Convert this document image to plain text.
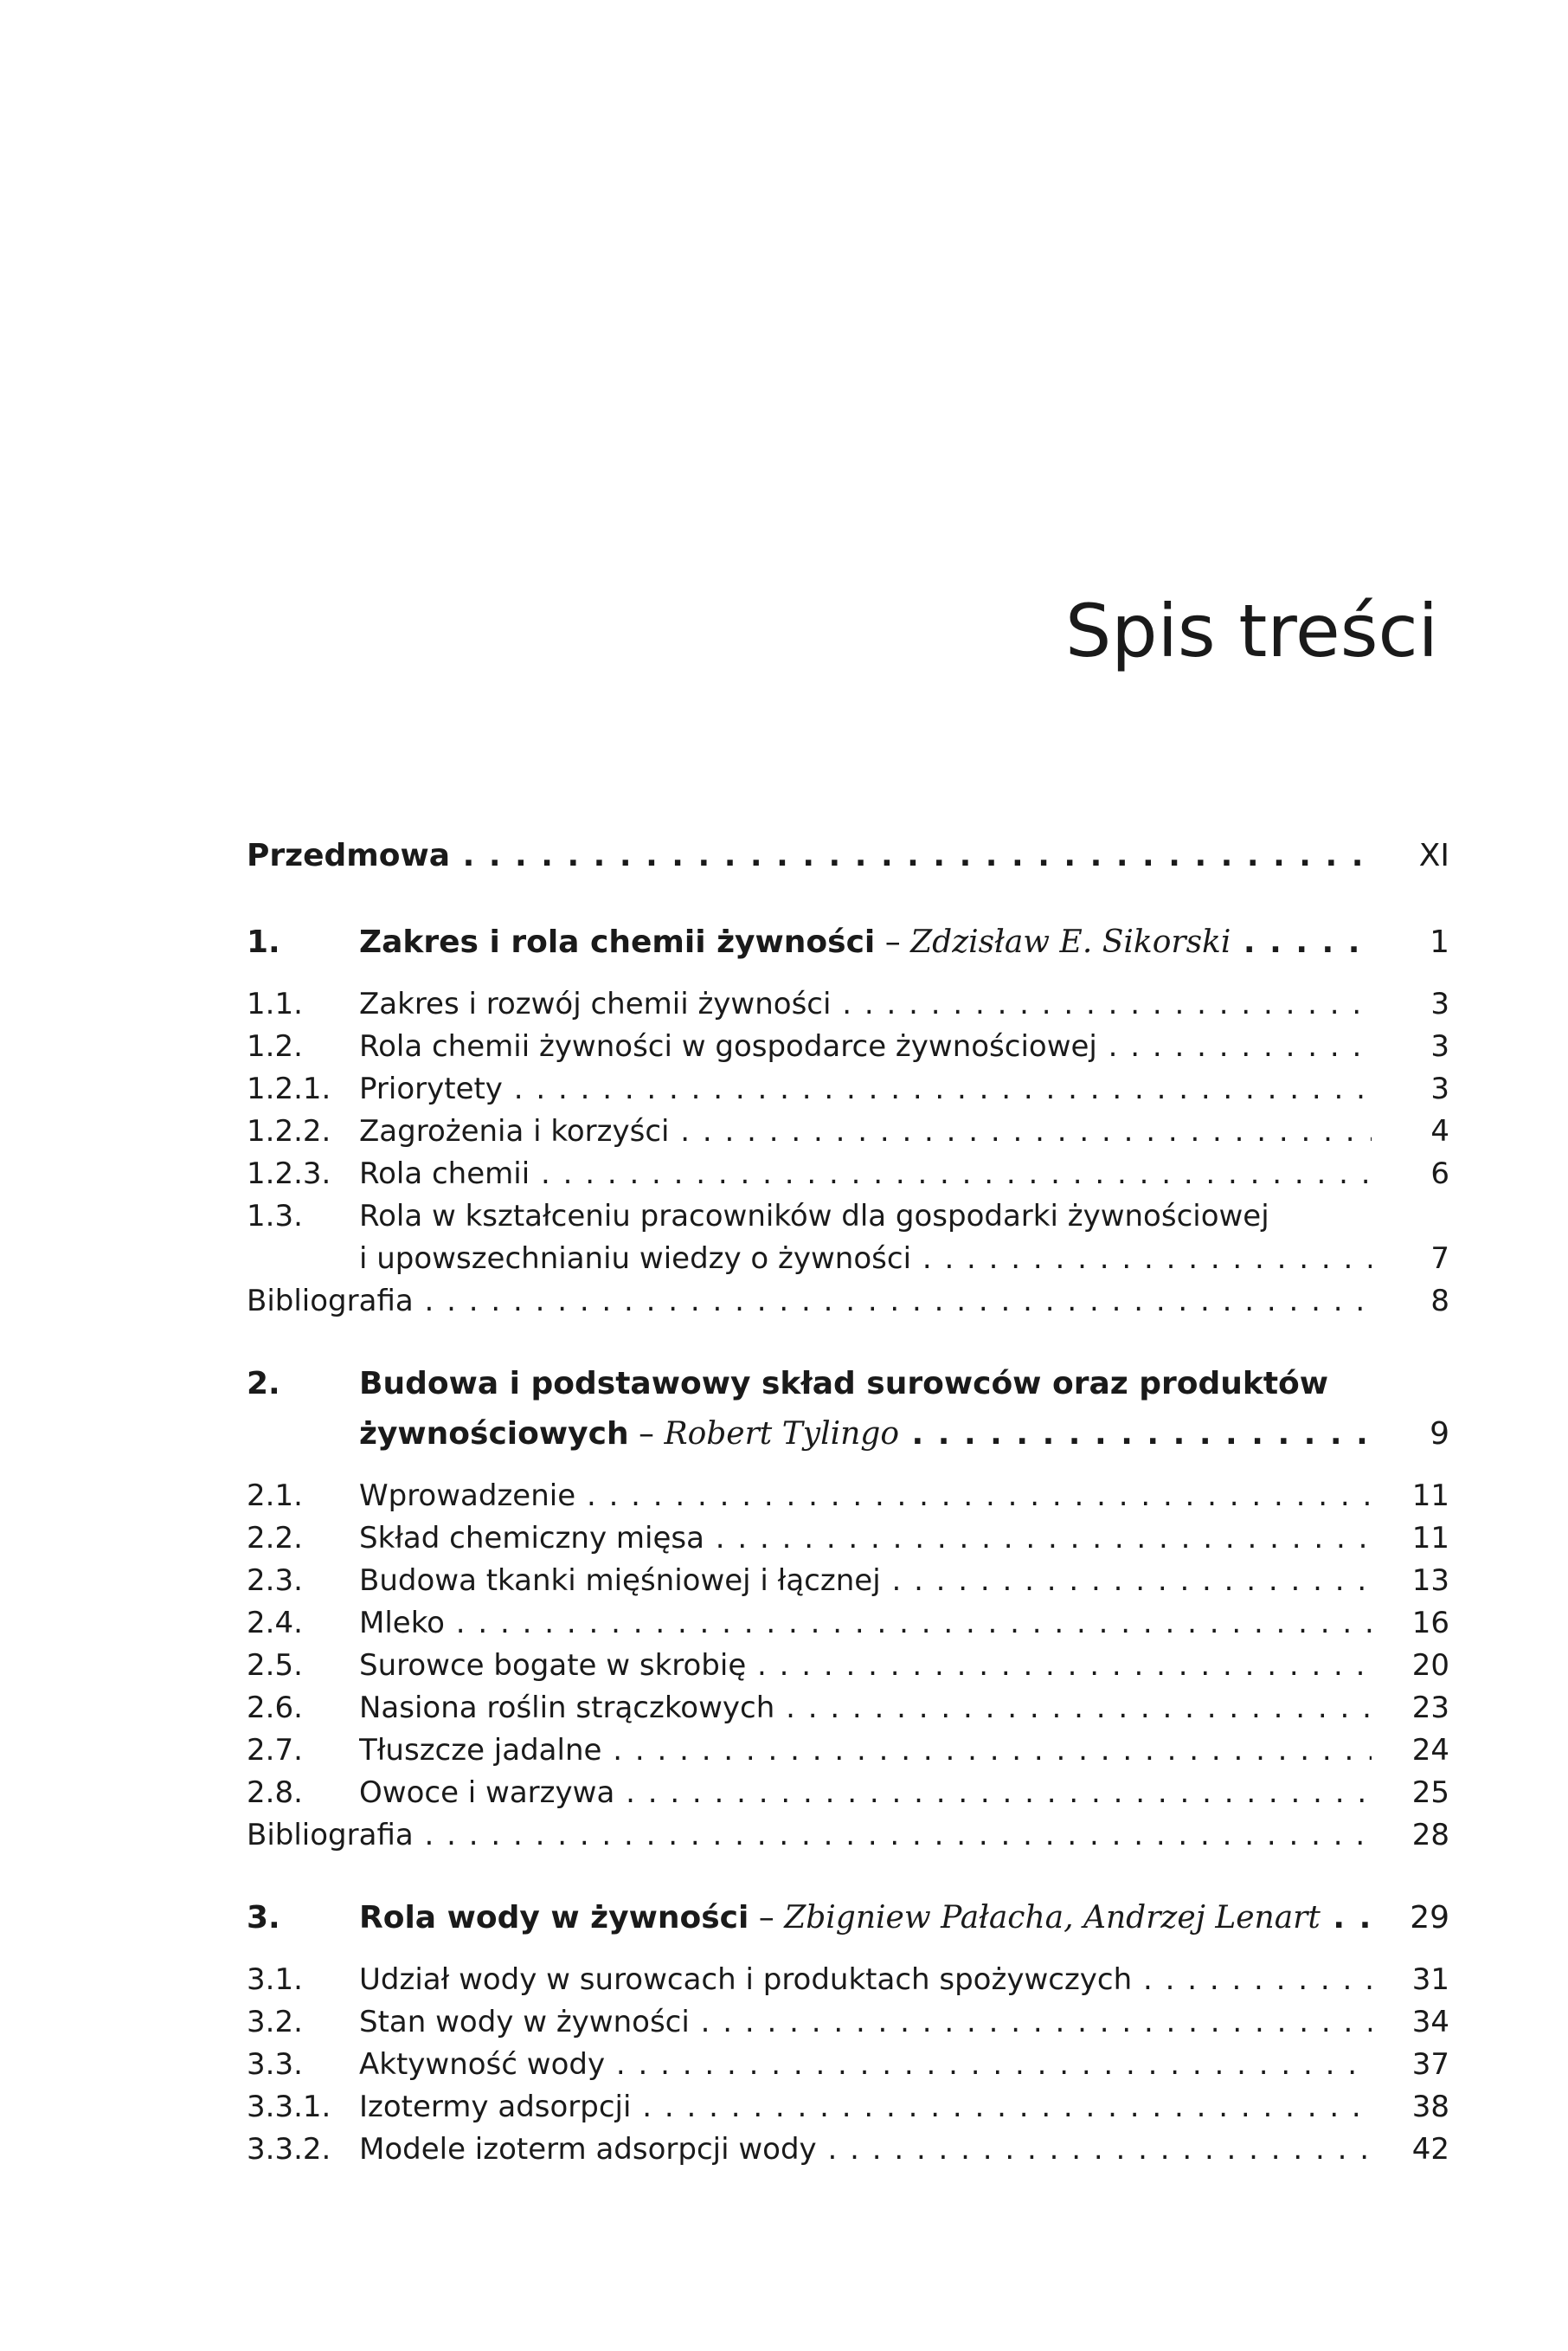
Spis treści
Przedmowa . . .	XI
1.	Zakres i rola chemii żywności – Zdzisław E. Sikorski . . .	1
1.1. Zakres i rozwój chemii żywności . . .	3
1.2. Rola chemii żywności w gospodarce żywnościowej . . .	3
1.2.1. Priorytety . . .	3
1.2.2. Zagrożenia i korzyści . . .	4
1.2.3. Rola chemii . . .	6
1.3. Rola w kształceniu pracowników dla gospodarki żywnościowej
i upowszechnianiu wiedzy o żywności . . .	7
Bibliografia . . .	8
2.	Budowa i podstawowy skład surowców oraz produktów
żywnościowych – Robert Tylingo . . .	9
2.1. Wprowadzenie . . .	11
2.2. Skład chemiczny mięsa . . .	11
2.3. Budowa tkanki mięśniowej i łącznej . . .	13
2.4. Mleko . . .	16
2.5. Surowce bogate w skrobię . . .	20
2.6. Nasiona roślin strączkowych . . .	23
2.7. Tłuszcze jadalne . . .	24
2.8. Owoce i warzywa . . .	25
Bibliografia . . .	28
3.	Rola wody w żywności – Zbigniew Pałacha, Andrzej Lenart . . .	29
3.1. Udział wody w surowcach i produktach spożywczych . . .	31
3.2. Stan wody w żywności . . .	34
3.3. Aktywność wody . . .	37
3.3.1. Izotermy adsorpcji . . .	38
3.3.2. Modele izoterm adsorpcji wody . . .	42
